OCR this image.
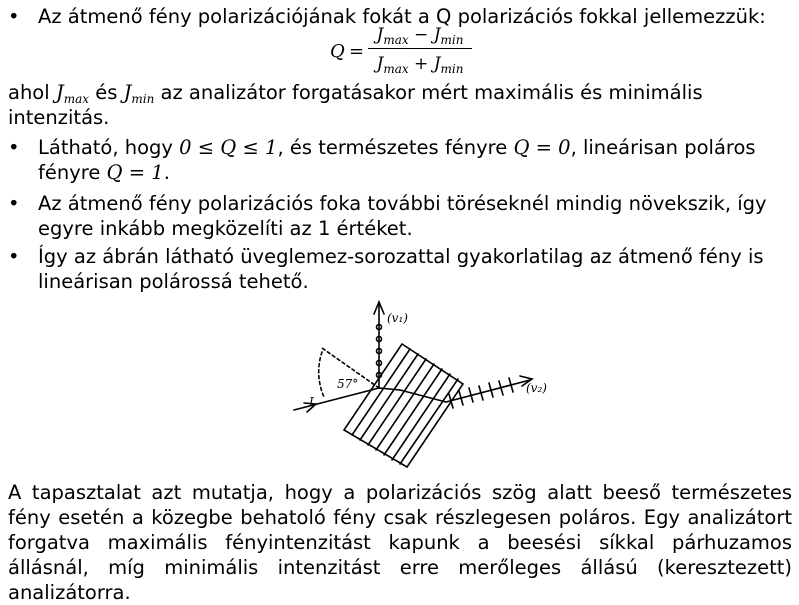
• Az átmenő fény polarizációjának fokát a Q polarizációs fokkal jellemezzük:
Q =
$J_{max} - J_{min}$
$J_{max} + J_{min}$
ahol $J_{max}$ és $J_{min}$ az analizátor forgatásakor mért maximális és minimális intenzitás.
• Látható, hogy 0 ≤ Q ≤ 1, és természetes fényre Q = 0, lineárisan poláros fényre Q = 1.
• Az átmenő fény polarizációs foka további töréseknél mindig növekszik, így egyre inkább megközelíti az 1 értéket.
• Így az ábrán látható üveglemez-sorozattal gyakorlatilag az átmenő fény is lineárisan polárossá tehető.
(v₁)
(v₂)
57°
I
A tapasztalat azt mutatja, hogy a polarizációs szög alatt beeső természetes fény esetén a közegbe behatoló fény csak részlegesen poláros. Egy analizátort forgatva maximális fényintenzitást kapunk a beesési síkkal párhuzamos állásnál, míg minimális intenzitást erre merőleges állású (keresztezett) analizátorra.
